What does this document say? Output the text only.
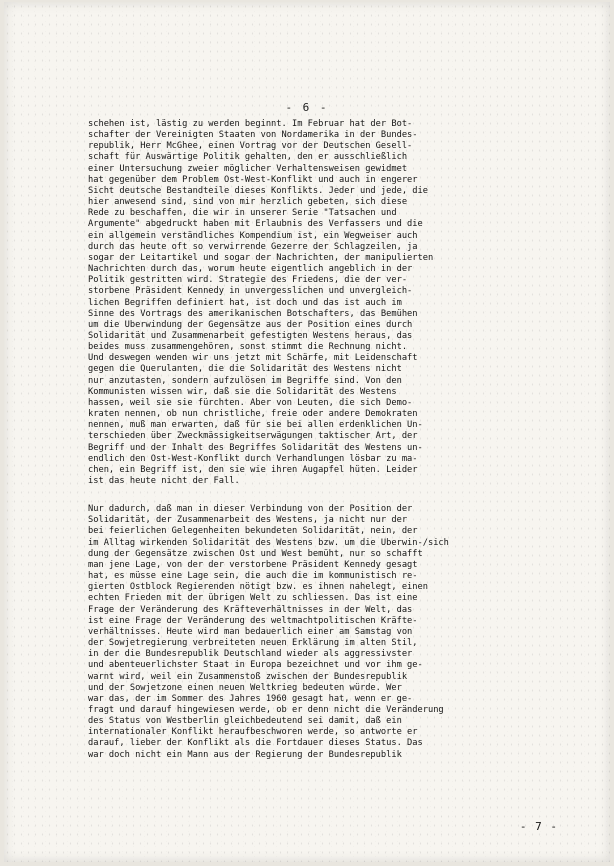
- 6 -
schehen ist, lästig zu werden beginnt. Im Februar hat der Bot-
schafter der Vereinigten Staaten von Nordamerika in der Bundes-
republik, Herr McGhee, einen Vortrag vor der Deutschen Gesell-
schaft für Auswärtige Politik gehalten, den er ausschließlich
einer Untersuchung zweier möglicher Verhaltensweisen gewidmet
hat gegenüber dem Problem Ost-West-Konflikt und auch in engerer
Sicht deutsche Bestandteile dieses Konflikts. Jeder und jede, die
hier anwesend sind, sind von mir herzlich gebeten, sich diese
Rede zu beschaffen, die wir in unserer Serie "Tatsachen und
Argumente" abgedruckt haben mit Erlaubnis des Verfassers und die
ein allgemein verständliches Kompendium ist, ein Wegweiser auch
durch das heute oft so verwirrende Gezerre der Schlagzeilen, ja
sogar der Leitartikel und sogar der Nachrichten, der manipulierten
Nachrichten durch das, worum heute eigentlich angeblich in der
Politik gestritten wird. Strategie des Friedens, die der ver-
storbene Präsident Kennedy in unvergesslichen und unvergleich-
lichen Begriffen definiert hat, ist doch und das ist auch im
Sinne des Vortrags des amerikanischen Botschafters, das Bemühen
um die Überwindung der Gegensätze aus der Position eines durch
Solidarität und Zusammenarbeit gefestigten Westens heraus, das
beides muss zusammengehören, sonst stimmt die Rechnung nicht.
Und deswegen wenden wir uns jetzt mit Schärfe, mit Leidenschaft
gegen die Querulanten, die die Solidarität des Westens nicht
nur anzutasten, sondern aufzulösen im Begriffe sind. Von den
Kommunisten wissen wir, daß sie die Solidarität des Westens
hassen, weil sie sie fürchten. Aber von Leuten, die sich Demo-
kraten nennen, ob nun christliche, freie oder andere Demokraten
nennen, muß man erwarten, daß für sie bei allen erdenklichen Un-
terschieden über Zweckmässigkeitserwägungen taktischer Art, der
Begriff und der Inhalt des Begriffes Solidarität des Westens un-
endlich den Ost-West-Konflikt durch Verhandlungen lösbar zu ma-
chen, ein Begriff ist, den sie wie ihren Augapfel hüten. Leider
ist das heute nicht der Fall.
Nur dadurch, daß man in dieser Verbindung von der Position der
Solidarität, der Zusammenarbeit des Westens, ja nicht nur der
bei feierlichen Gelegenheiten bekundeten Solidarität, nein, der
im Alltag wirkenden Solidarität des Westens bzw. um die Überwin-/sich
dung der Gegensätze zwischen Ost und West bemüht, nur so schafft
man jene Lage, von der der verstorbene Präsident Kennedy gesagt
hat, es müsse eine Lage sein, die auch die im kommunistisch re-
gierten Ostblock Regierenden nötigt bzw. es ihnen nahelegt, einen
echten Frieden mit der übrigen Welt zu schliessen. Das ist eine
Frage der Veränderung des Kräfteverhältnisses in der Welt, das
ist eine Frage der Veränderung des weltmachtpolitischen Kräfte-
verhältnisses. Heute wird man bedauerlich einer am Samstag von
der Sowjetregierung verbreiteten neuen Erklärung im alten Stil,
in der die Bundesrepublik Deutschland wieder als aggressivster
und abenteuerlichster Staat in Europa bezeichnet und vor ihm ge-
warnt wird, weil ein Zusammenstoß zwischen der Bundesrepublik
und der Sowjetzone einen neuen Weltkrieg bedeuten würde. Wer
war das, der im Sommer des Jahres 1960 gesagt hat, wenn er ge-
fragt und darauf hingewiesen werde, ob er denn nicht die Veränderung
des Status von Westberlin gleichbedeutend sei damit, daß ein
internationaler Konflikt heraufbeschworen werde, so antworte er
darauf, lieber der Konflikt als die Fortdauer dieses Status. Das
war doch nicht ein Mann aus der Regierung der Bundesrepublik
- 7 -
